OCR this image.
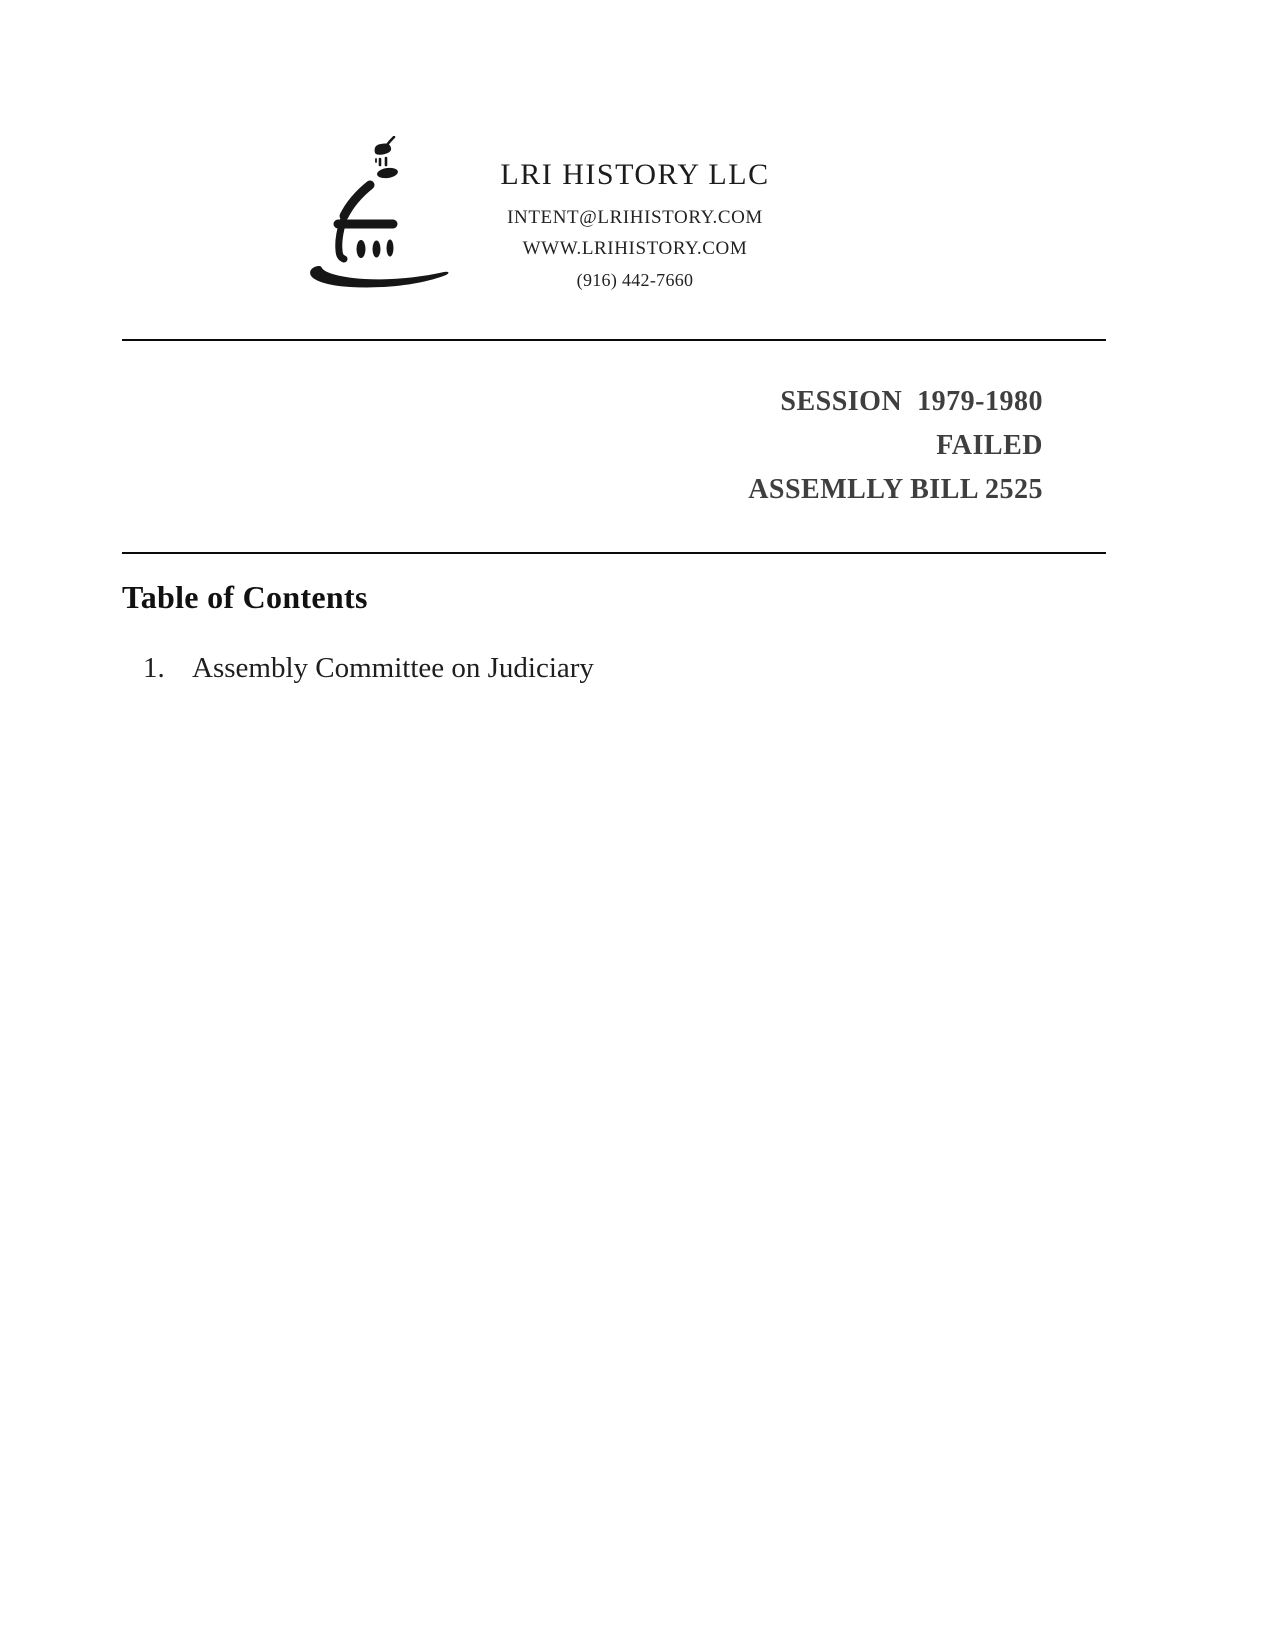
LRI HISTORY LLC
INTENT@LRIHISTORY.COM
WWW.LRIHISTORY.COM
(916) 442-7660
SESSION  1979-1980
FAILED
ASSEMLLY BILL 2525
Table of Contents
1. Assembly Committee on Judiciary
